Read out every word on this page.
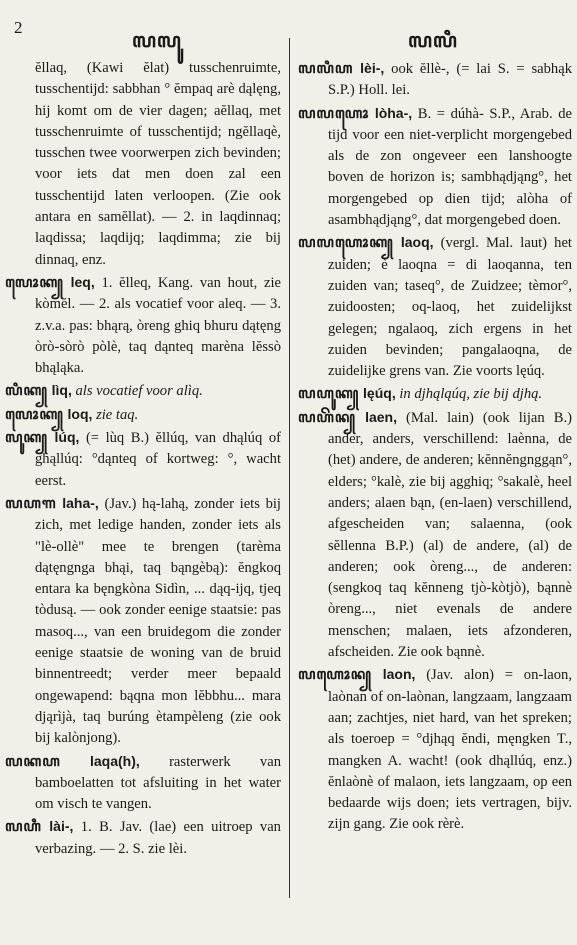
2
ꦭꦭꦸ	ꦭꦭꦶ

ĕllaq, (Kawi ĕlat) tusschenruimte, tusschentijd: sabbhan ° ĕmpaq arè dąlęng, hij komt om de vier dagen; aĕllaq, met tusschenruimte of tusschentijd; ngĕllaqè, tusschen twee voorwerpen zich bevinden; voor iets dat men doen zal een tusschentijd laten verloopen. (Zie ook antara en samĕllat). — 2. in laqdinnaq; laqdissa; laqdijq; laqdimma; zie bij dinnaq, enz.

ꦭꦺꦴꦏ꧀ leq, 1. ĕlleq, Kang. van hout, zie kòmĕl. — 2. als vocatief voor aleq. — 3. z.v.a. pas: bhąrą, òreng ghiq bhuru dątęng òrò-sòrò pòlè, taq dąnteq marèna lĕssò bhąląka.

ꦭꦶꦏ꧀ lìq, als vocatief voor alìq.

ꦭꦺꦴꦏ꧀ loq, zie taq.

ꦭꦸꦏ꧀ lúq, (= lùq B.) ĕllúq, van dhąlúq of ghąllúq: °dąnteq of kortweg: °, wacht eerst.

ꦭꦲꦒ laha-, (Jav.) hą-lahą, zonder iets bij zich, met ledige handen, zonder iets als "lè-ollè" mee te brengen (tarèma dątęngnga bhąi, taq bąngèbą): ĕngkoq entara ka bęngkòna Sidìn, ... dąq-ijq, tjeq tòdusą. — ook zonder eenige staatsie: pas masoq..., van een bruidegom die zonder eenige staatsie de woning van de bruid binnentreedt; verder meer bepaald ongewapend: bąqna mon lĕbbhu... mara djąrìjà, taq burúng ètampèleng (zie ook bij kalònjong).

ꦭꦏꦲ laqa(h), rasterwerk van bamboelatten tot afsluiting in het water om visch te vangen.

ꦭꦲꦶ lài-, 1. B. Jav. (lae) een uitroep van verbazing. — 2. S. zie lèi.

ꦭꦭꦶꦲ lèi-, ook ĕllè-, (= lai S. = sabhąk S.P.) Holl. lei.

ꦭꦭꦲꦺꦴ lòha-, B. = dúhà- S.P., Arab. de tijd voor een niet-verplicht morgengebed als de zon ongeveer een lanshoogte boven de horizon is; sambhądjąng°, het morgengebed op dien tijd; alòha of asambhądjąng°, dat morgengebed doen.

ꦭꦭꦲꦺꦴꦏ꧀ laoq, (vergl. Mal. laut) het zuiden; è laoqna = di laoqanna, ten zuiden van; taseq°, de Zuidzee; tèmor°, zuidoosten; oq-laoq, het zuidelijkst gelegen; ngalaoq, zich ergens in het zuiden bevinden; pangalaoqna, de zuidelijke grens van. Zie voorts lęúq.

ꦭꦲꦸꦏ꧀ lęúq, in djhąląúq, zie bij djhą.

ꦭꦲꦼꦤ꧀ laen, (Mal. lain) (ook lijan B.) ander, anders, verschillend: laènna, de (het) andere, de anderen; kĕnnĕngnggąn°, elders; °kalè, zie bij agghiq; °sakalè, heel anders; alaen bąn, (en-laen) verschillend, afgescheiden van; salaenna, (ook sĕllenna B.P.) (al) de andere, (al) de anderen; ook òreng..., de anderen: (sengkoq taq kĕnneng tjò-kòtjò), bąnnè òreng..., niet evenals de andere menschen; malaen, iets afzonderen, afscheiden. Zie ook bąnnè.

ꦭꦲꦺꦴꦤ꧀ laon, (Jav. alon) = on-laon, laònan of on-laònan, langzaam, langzaam aan; zachtjes, niet hard, van het spreken; als toeroep = °djhąq ĕndi, męngken T., mangken A. wacht! (ook dhąllúq, enz.) ĕnlaònè of malaon, iets langzaam, op een bedaarde wijs doen; iets vertragen, bijv. zijn gang. Zie ook rèrè.
